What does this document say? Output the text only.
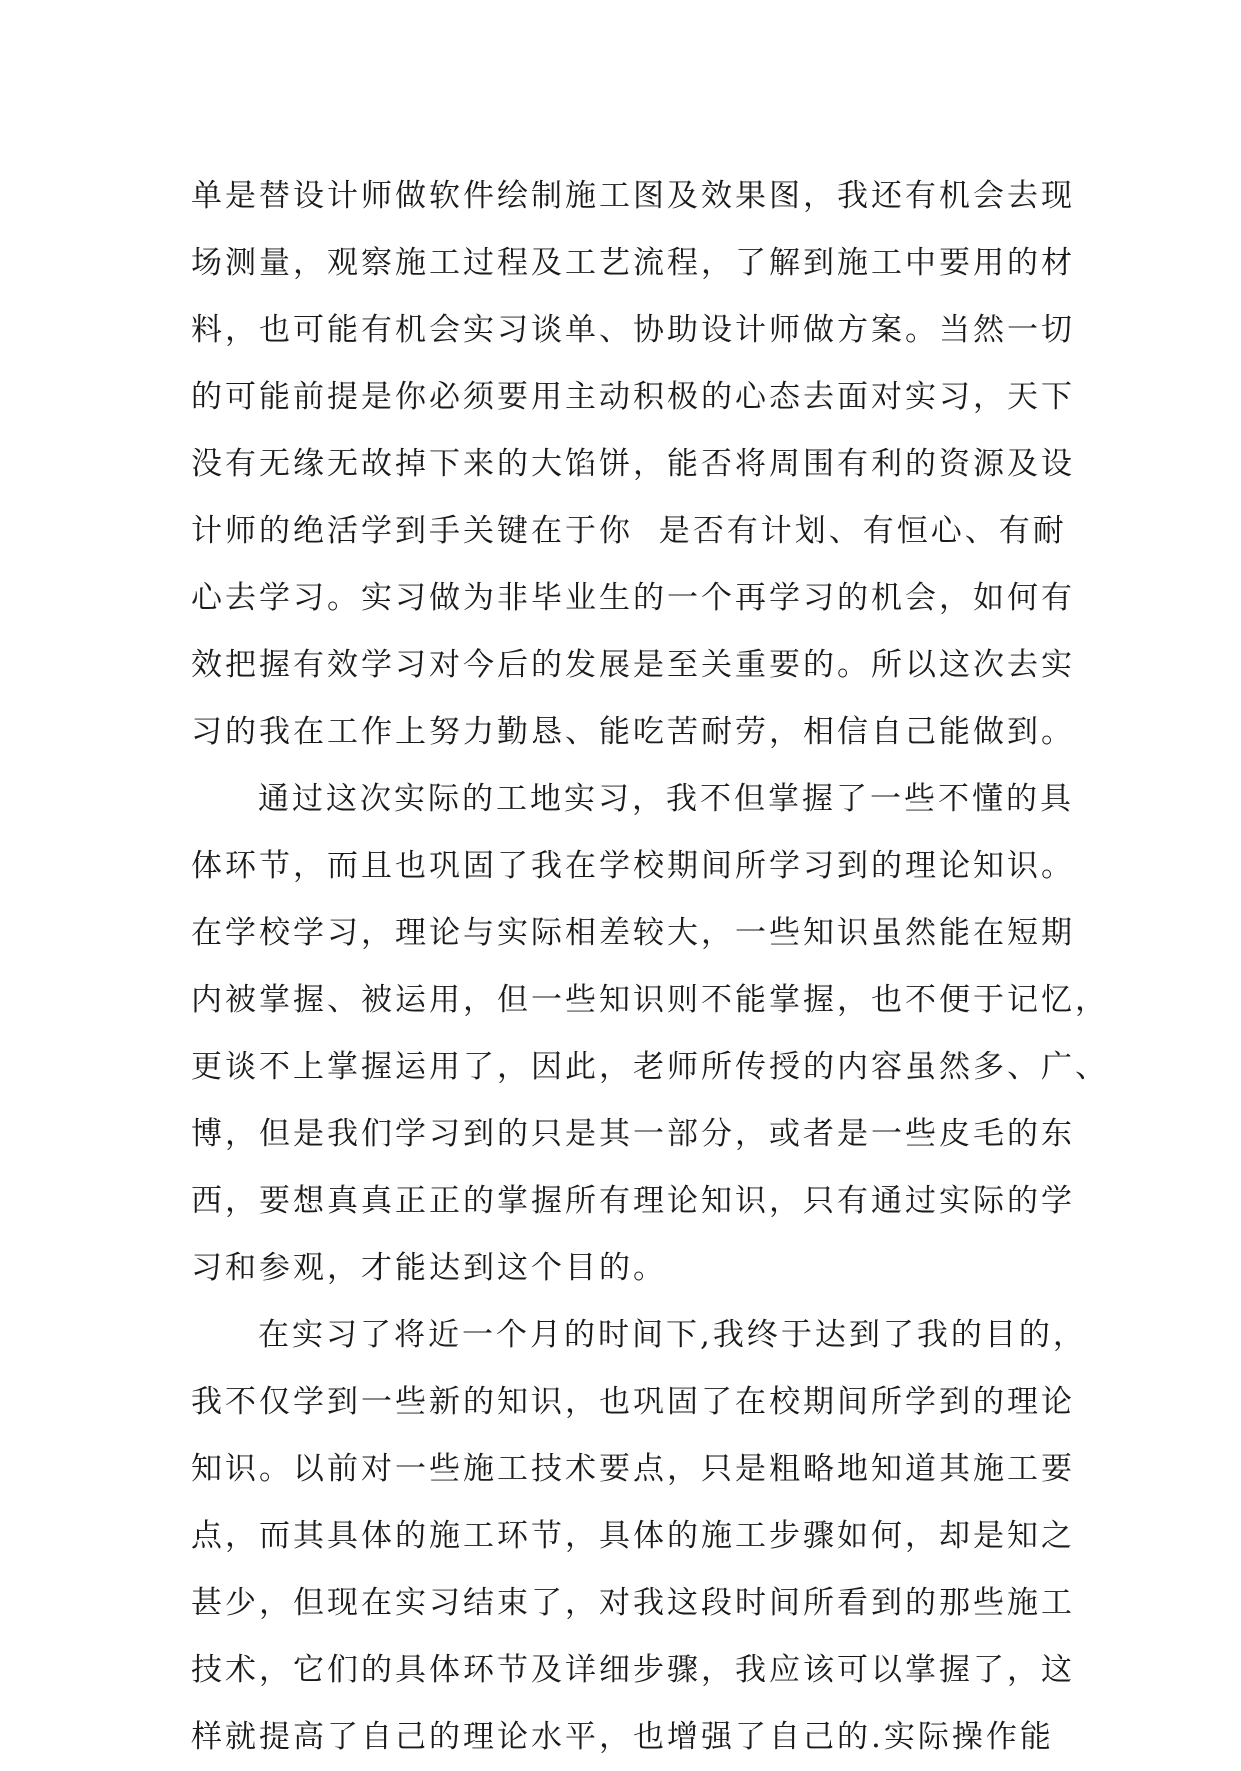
单是替设计师做软件绘制施工图及效果图，我还有机会去现
场测量，观察施工过程及工艺流程，了解到施工中要用的材
料，也可能有机会实习谈单、协助设计师做方案。当然一切
的可能前提是你必须要用主动积极的心态去面对实习，天下
没有无缘无故掉下来的大馅饼，能否将周围有利的资源及设
计师的绝活学到手关键在于你  是否有计划、有恒心、有耐
心去学习。实习做为非毕业生的一个再学习的机会，如何有
效把握有效学习对今后的发展是至关重要的。所以这次去实
习的我在工作上努力勤恳、能吃苦耐劳，相信自己能做到。
通过这次实际的工地实习，我不但掌握了一些不懂的具
体环节，而且也巩固了我在学校期间所学习到的理论知识。
在学校学习，理论与实际相差较大，一些知识虽然能在短期
内被掌握、被运用，但一些知识则不能掌握，也不便于记忆，
更谈不上掌握运用了，因此，老师所传授的内容虽然多、广、
博，但是我们学习到的只是其一部分，或者是一些皮毛的东
西，要想真真正正的掌握所有理论知识，只有通过实际的学
习和参观，才能达到这个目的。
在实习了将近一个月的时间下,我终于达到了我的目的，
我不仅学到一些新的知识，也巩固了在校期间所学到的理论
知识。以前对一些施工技术要点，只是粗略地知道其施工要
点，而其具体的施工环节，具体的施工步骤如何，却是知之
甚少，但现在实习结束了，对我这段时间所看到的那些施工
技术，它们的具体环节及详细步骤，我应该可以掌握了，这
样就提高了自己的理论水平，也增强了自己的.实际操作能
